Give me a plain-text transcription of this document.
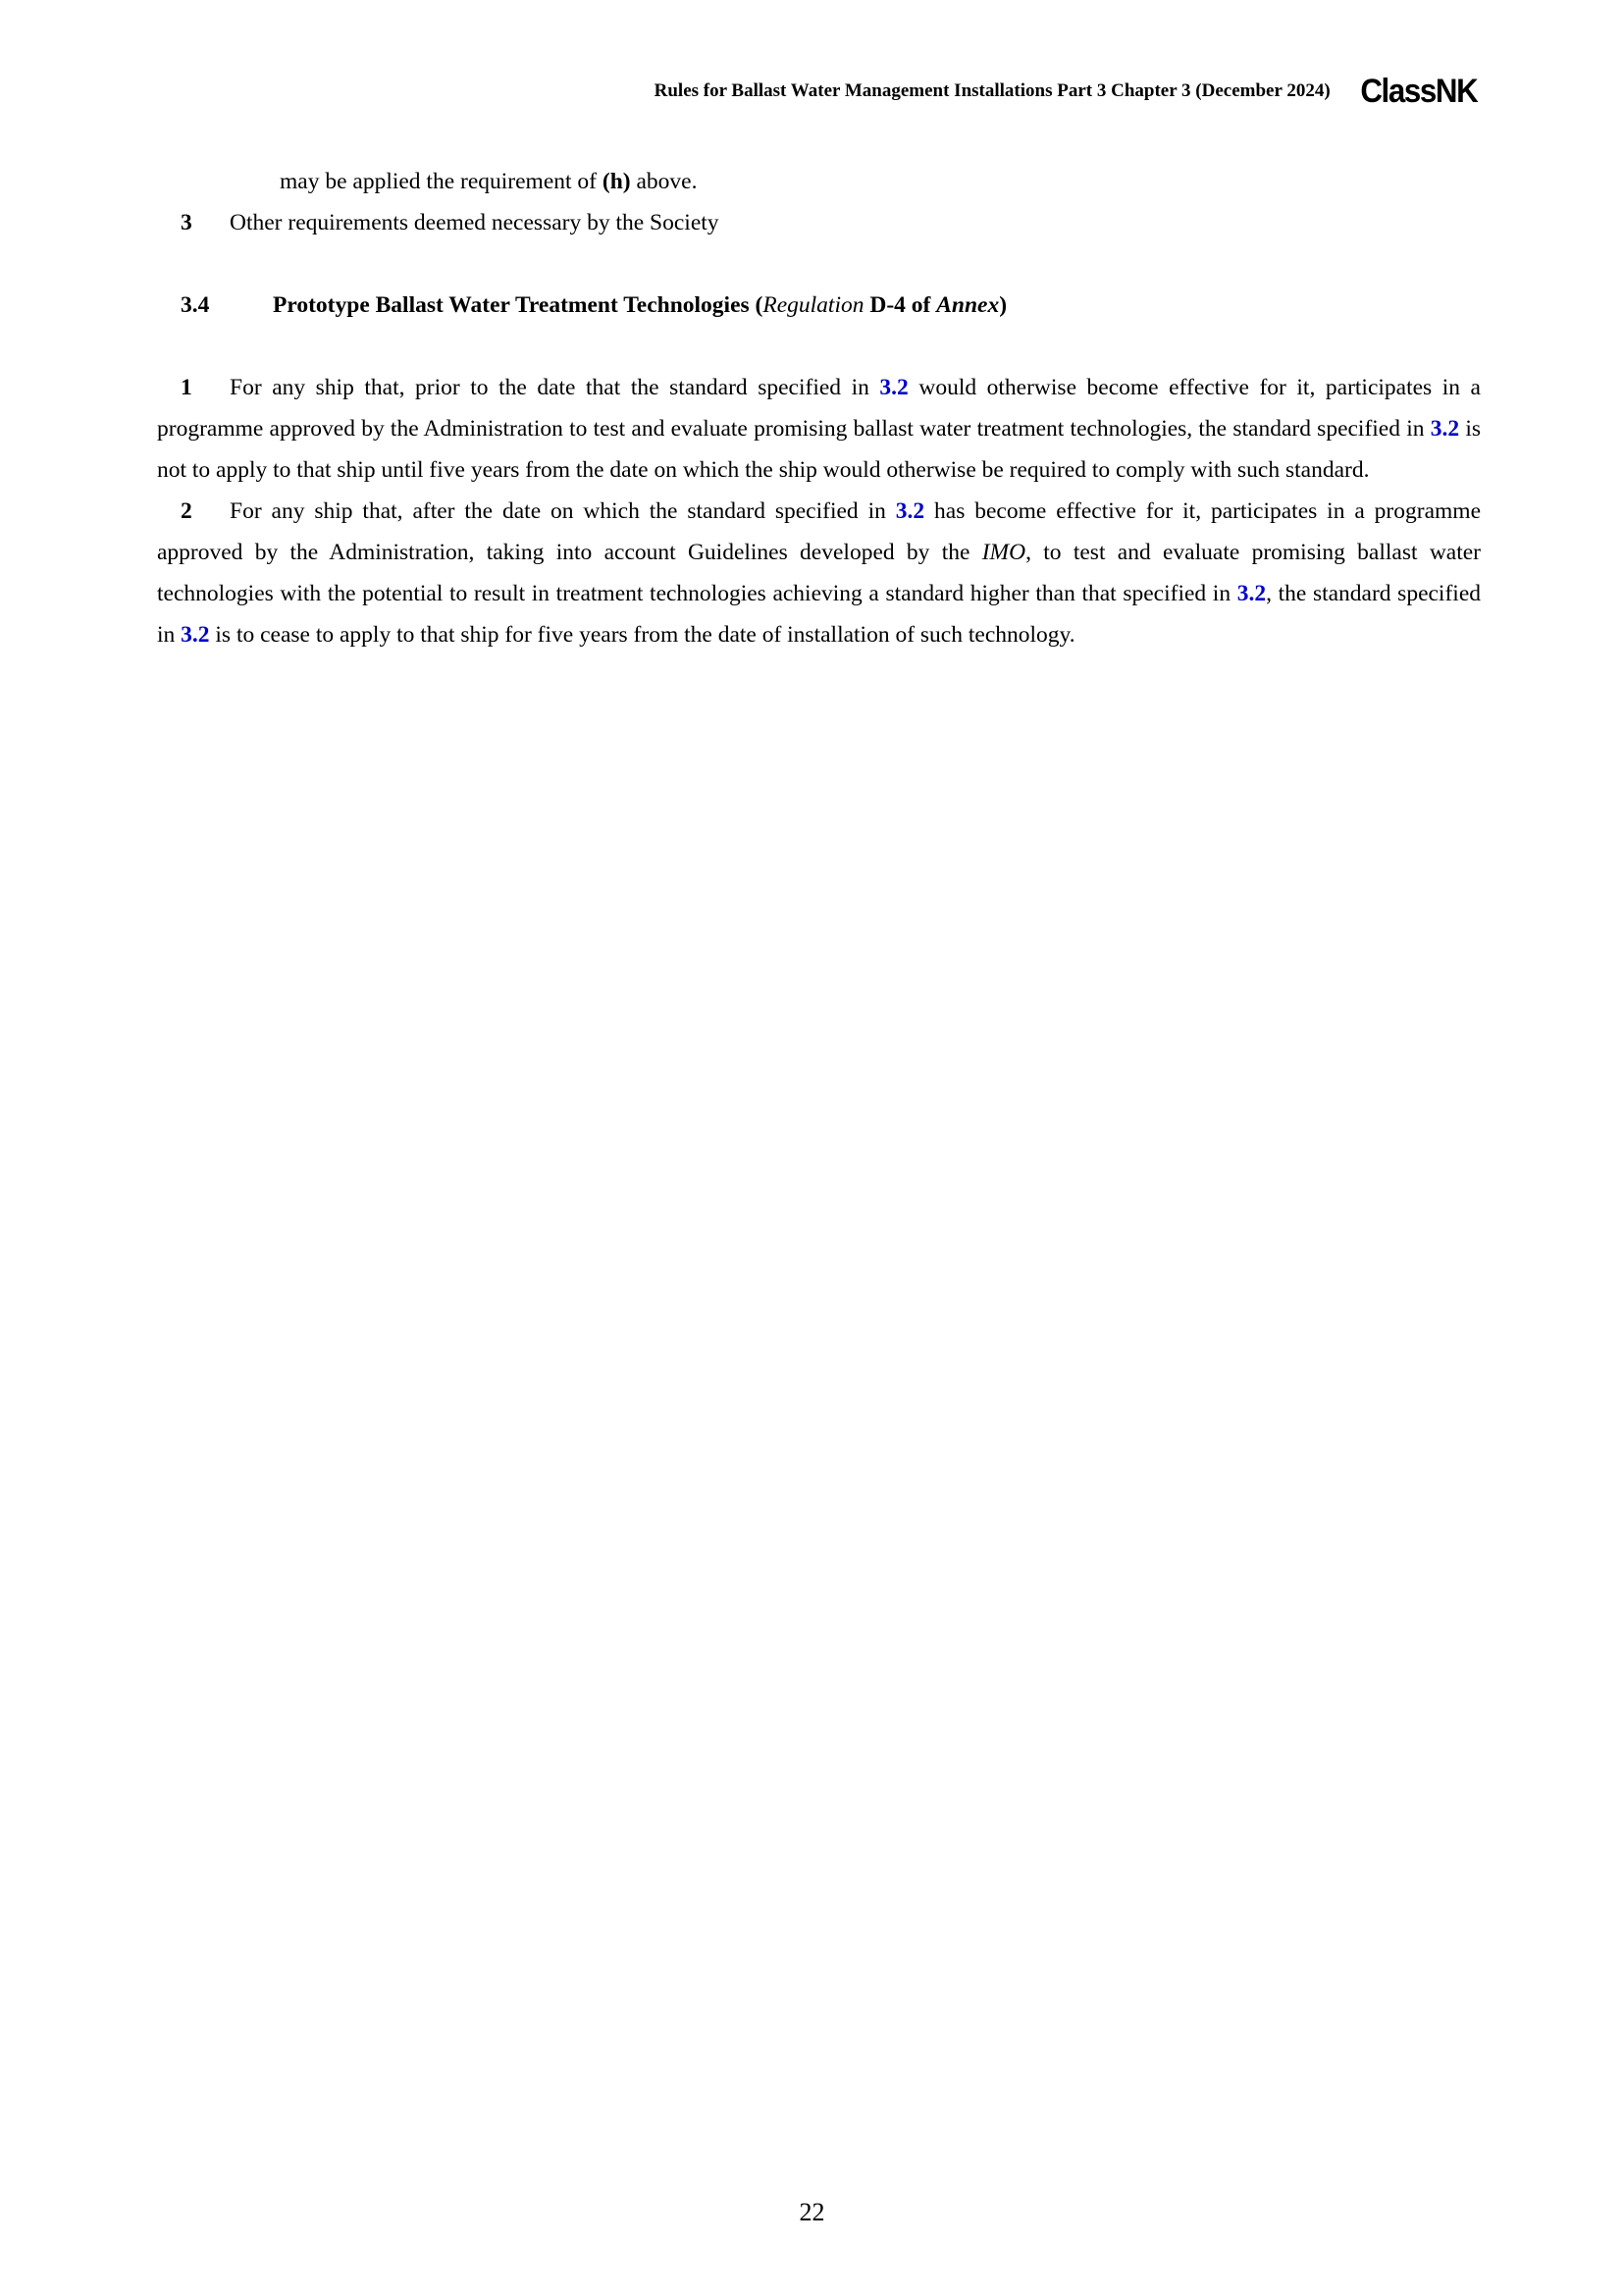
Rules for Ballast Water Management Installations Part 3 Chapter 3 (December 2024) ClassNK

may be applied the requirement of (h) above.

3 Other requirements deemed necessary by the Society

3.4	Prototype Ballast Water Treatment Technologies (Regulation D-4 of Annex)

1 For any ship that, prior to the date that the standard specified in 3.2 would otherwise become effective for it, participates in a programme approved by the Administration to test and evaluate promising ballast water treatment technologies, the standard specified in 3.2 is not to apply to that ship until five years from the date on which the ship would otherwise be required to comply with such standard.

2 For any ship that, after the date on which the standard specified in 3.2 has become effective for it, participates in a programme approved by the Administration, taking into account Guidelines developed by the IMO, to test and evaluate promising ballast water technologies with the potential to result in treatment technologies achieving a standard higher than that specified in 3.2, the standard specified in 3.2 is to cease to apply to that ship for five years from the date of installation of such technology.

22
